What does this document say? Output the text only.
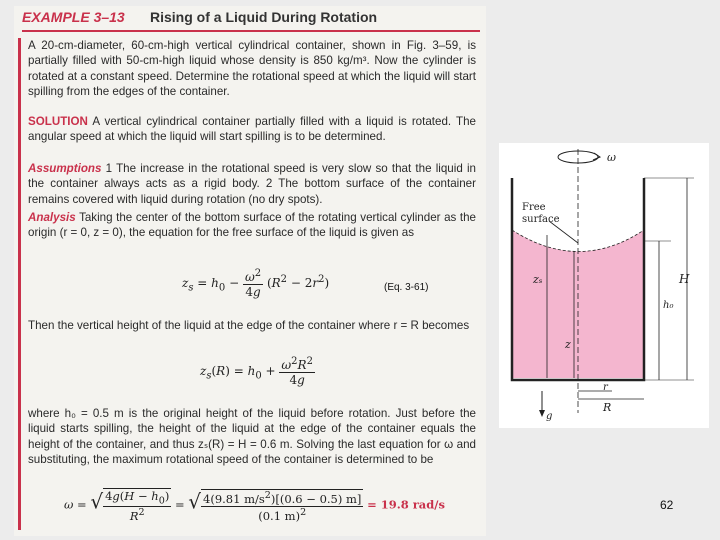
EXAMPLE 3–13 Rising of a Liquid During Rotation
A 20-cm-diameter, 60-cm-high vertical cylindrical container, shown in Fig. 3–59, is partially filled with 50-cm-high liquid whose density is 850 kg/m³. Now the cylinder is rotated at a constant speed. Determine the rotational speed at which the liquid will start spilling from the edges of the container.
SOLUTION A vertical cylindrical container partially filled with a liquid is rotated. The angular speed at which the liquid will start spilling is to be determined.
Assumptions 1 The increase in the rotational speed is very slow so that the liquid in the container always acts as a rigid body. 2 The bottom surface of the container remains covered with liquid during rotation (no dry spots).
Analysis Taking the center of the bottom surface of the rotating vertical cylinder as the origin (r = 0, z = 0), the equation for the free surface of the liquid is given as
$z_s = h_0 - \frac{\omega^2}{4g} (R^2 - 2r^2)$	(Eq. 3-61)
Then the vertical height of the liquid at the edge of the container where r = R becomes
$z_s(R) = h_0 + \frac{\omega^2R^2}{4g}$
where h₀ = 0.5 m is the original height of the liquid before rotation. Just before the liquid starts spilling, the height of the liquid at the edge of the container equals the height of the container, and thus zₛ(R) = H = 0.6 m. Solving the last equation for ω and substituting, the maximum rotational speed of the container is determined to be
ω = √ $\frac{4g(H - h_0)}{R^2}$ = √ $\frac{4(9.81 m/s^2)[(0.6 - 0.5) m]}{(0.1 m)^2} = 19.8$ rad/s
ω
Free
surface
zₛ	H
h₀
z
r
R
g
62
